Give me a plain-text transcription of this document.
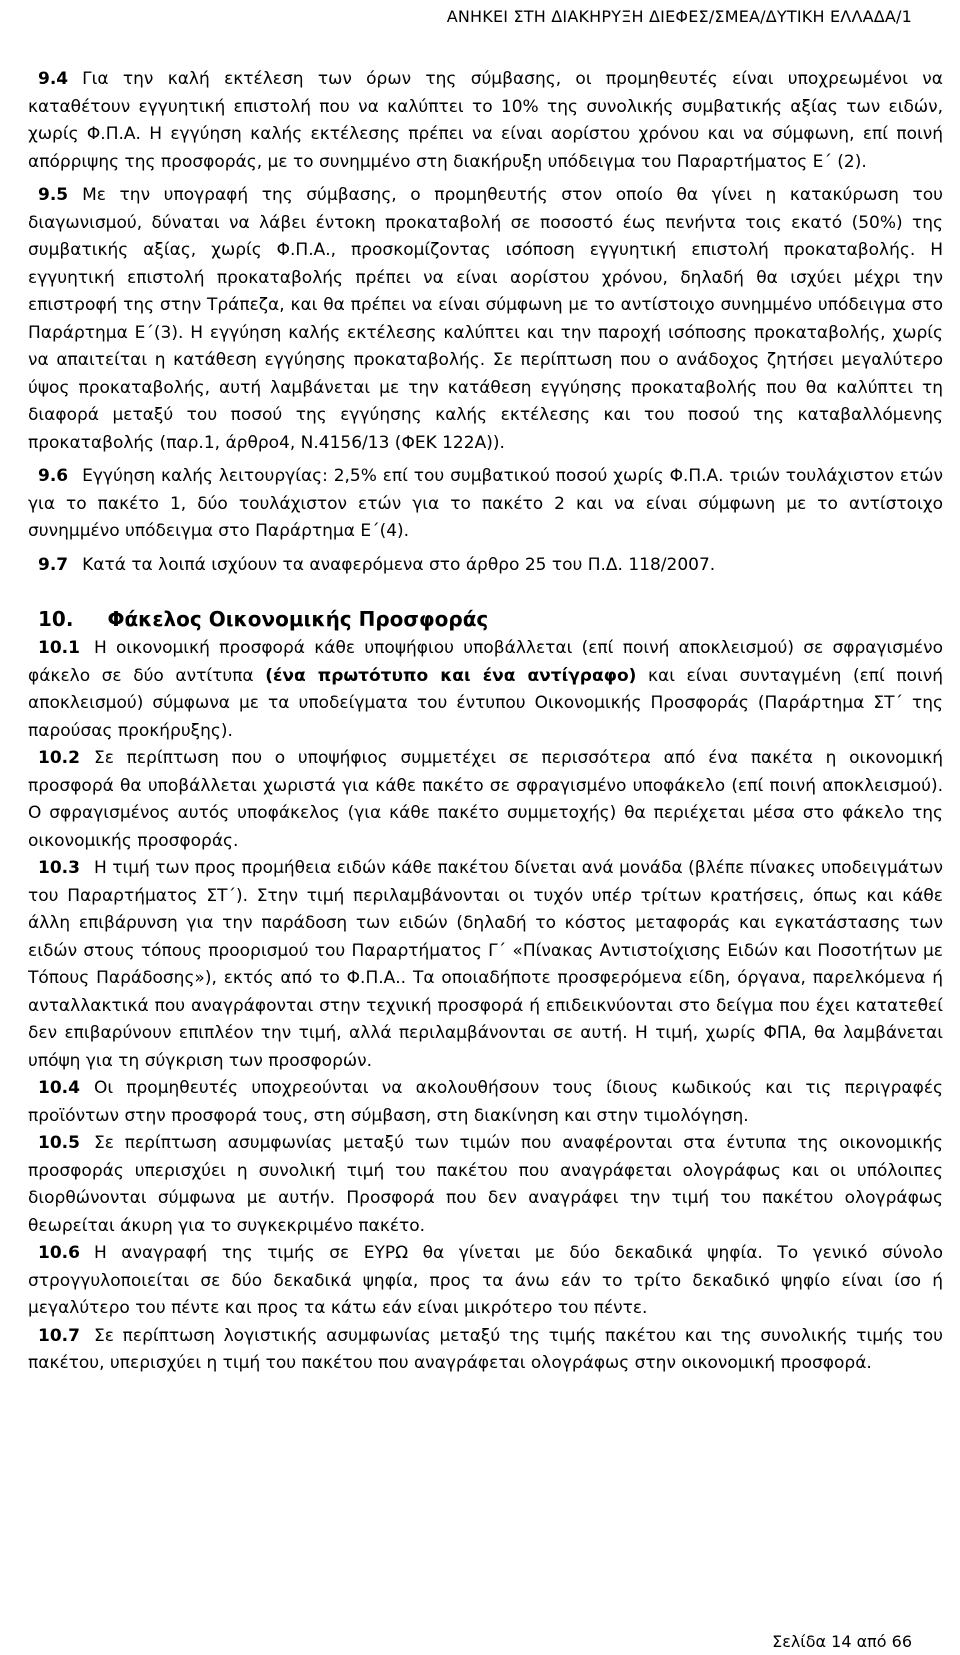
ΑΝΗΚΕΙ ΣΤΗ ΔΙΑΚΗΡΥΞΗ ΔΙΕΦΕΣ/ΣΜΕΑ/ΔΥΤΙΚΗ ΕΛΛΑΔΑ/1

9.4 Για την καλή εκτέλεση των όρων της σύμβασης, οι προμηθευτές είναι υποχρεωμένοι να καταθέτουν εγγυητική επιστολή που να καλύπτει το 10% της συνολικής συμβατικής αξίας των ειδών, χωρίς Φ.Π.Α. Η εγγύηση καλής εκτέλεσης πρέπει να είναι αορίστου χρόνου και να σύμφωνη, επί ποινή απόρριψης της προσφοράς, με το συνημμένο στη διακήρυξη υπόδειγμα του Παραρτήματος Ε΄ (2).

9.5 Με την υπογραφή της σύμβασης, ο προμηθευτής στον οποίο θα γίνει η κατακύρωση του διαγωνισμού, δύναται να λάβει έντοκη προκαταβολή σε ποσοστό έως πενήντα τοις εκατό (50%) της συμβατικής αξίας, χωρίς Φ.Π.Α., προσκομίζοντας ισόποση εγγυητική επιστολή προκαταβολής. Η εγγυητική επιστολή προκαταβολής πρέπει να είναι αορίστου χρόνου, δηλαδή θα ισχύει μέχρι την επιστροφή της στην Τράπεζα, και θα πρέπει να είναι σύμφωνη με το αντίστοιχο συνημμένο υπόδειγμα στο Παράρτημα Ε΄(3). Η εγγύηση καλής εκτέλεσης καλύπτει και την παροχή ισόποσης προκαταβολής, χωρίς να απαιτείται η κατάθεση εγγύησης προκαταβολής. Σε περίπτωση που ο ανάδοχος ζητήσει μεγαλύτερο ύψος προκαταβολής, αυτή λαμβάνεται με την κατάθεση εγγύησης προκαταβολής που θα καλύπτει τη διαφορά μεταξύ του ποσού της εγγύησης καλής εκτέλεσης και του ποσού της καταβαλλόμενης προκαταβολής (παρ.1, άρθρο4, Ν.4156/13 (ΦΕΚ 122Α)).

9.6 Εγγύηση καλής λειτουργίας: 2,5% επί του συμβατικού ποσού χωρίς Φ.Π.Α. τριών τουλάχιστον ετών για το πακέτο 1, δύο τουλάχιστον ετών για το πακέτο 2 και να είναι σύμφωνη με το αντίστοιχο συνημμένο υπόδειγμα στο Παράρτημα Ε΄(4).

9.7 Κατά τα λοιπά ισχύουν τα αναφερόμενα στο άρθρο 25 του Π.Δ. 118/2007.

10. Φάκελος Οικονομικής Προσφοράς

10.1 Η οικονομική προσφορά κάθε υποψήφιου υποβάλλεται (επί ποινή αποκλεισμού) σε σφραγισμένο φάκελο σε δύο αντίτυπα (ένα πρωτότυπο και ένα αντίγραφο) και είναι συνταγμένη (επί ποινή αποκλεισμού) σύμφωνα με τα υποδείγματα του έντυπου Οικονομικής Προσφοράς (Παράρτημα ΣΤ΄ της παρούσας προκήρυξης).

10.2 Σε περίπτωση που ο υποψήφιος συμμετέχει σε περισσότερα από ένα πακέτα η οικονομική προσφορά θα υποβάλλεται χωριστά για κάθε πακέτο σε σφραγισμένο υποφάκελο (επί ποινή αποκλεισμού). Ο σφραγισμένος αυτός υποφάκελος (για κάθε πακέτο συμμετοχής) θα περιέχεται μέσα στο φάκελο της οικονομικής προσφοράς.

10.3 Η τιμή των προς προμήθεια ειδών κάθε πακέτου δίνεται ανά μονάδα (βλέπε πίνακες υποδειγμάτων του Παραρτήματος ΣΤ΄). Στην τιμή περιλαμβάνονται οι τυχόν υπέρ τρίτων κρατήσεις, όπως και κάθε άλλη επιβάρυνση για την παράδοση των ειδών (δηλαδή το κόστος μεταφοράς και εγκατάστασης των ειδών στους τόπους προορισμού του Παραρτήματος Γ΄ «Πίνακας Αντιστοίχισης Ειδών και Ποσοτήτων με Τόπους Παράδοσης»), εκτός από το Φ.Π.Α.. Τα οποιαδήποτε προσφερόμενα είδη, όργανα, παρελκόμενα ή ανταλλακτικά που αναγράφονται στην τεχνική προσφορά ή επιδεικνύονται στο δείγμα που έχει κατατεθεί δεν επιβαρύνουν επιπλέον την τιμή, αλλά περιλαμβάνονται σε αυτή. Η τιμή, χωρίς ΦΠΑ, θα λαμβάνεται υπόψη για τη σύγκριση των προσφορών.

10.4 Οι προμηθευτές υποχρεούνται να ακολουθήσουν τους ίδιους κωδικούς και τις περιγραφές προϊόντων στην προσφορά τους, στη σύμβαση, στη διακίνηση και στην τιμολόγηση.

10.5 Σε περίπτωση ασυμφωνίας μεταξύ των τιμών που αναφέρονται στα έντυπα της οικονομικής προσφοράς υπερισχύει η συνολική τιμή του πακέτου που αναγράφεται ολογράφως και οι υπόλοιπες διορθώνονται σύμφωνα με αυτήν. Προσφορά που δεν αναγράφει την τιμή του πακέτου ολογράφως θεωρείται άκυρη για το συγκεκριμένο πακέτο.

10.6 Η αναγραφή της τιμής σε ΕΥΡΩ θα γίνεται με δύο δεκαδικά ψηφία. Το γενικό σύνολο στρογγυλοποιείται σε δύο δεκαδικά ψηφία, προς τα άνω εάν το τρίτο δεκαδικό ψηφίο είναι ίσο ή μεγαλύτερο του πέντε και προς τα κάτω εάν είναι μικρότερο του πέντε.

10.7 Σε περίπτωση λογιστικής ασυμφωνίας μεταξύ της τιμής πακέτου και της συνολικής τιμής του πακέτου, υπερισχύει η τιμή του πακέτου που αναγράφεται ολογράφως στην οικονομική προσφορά.

Σελίδα 14 από 66
